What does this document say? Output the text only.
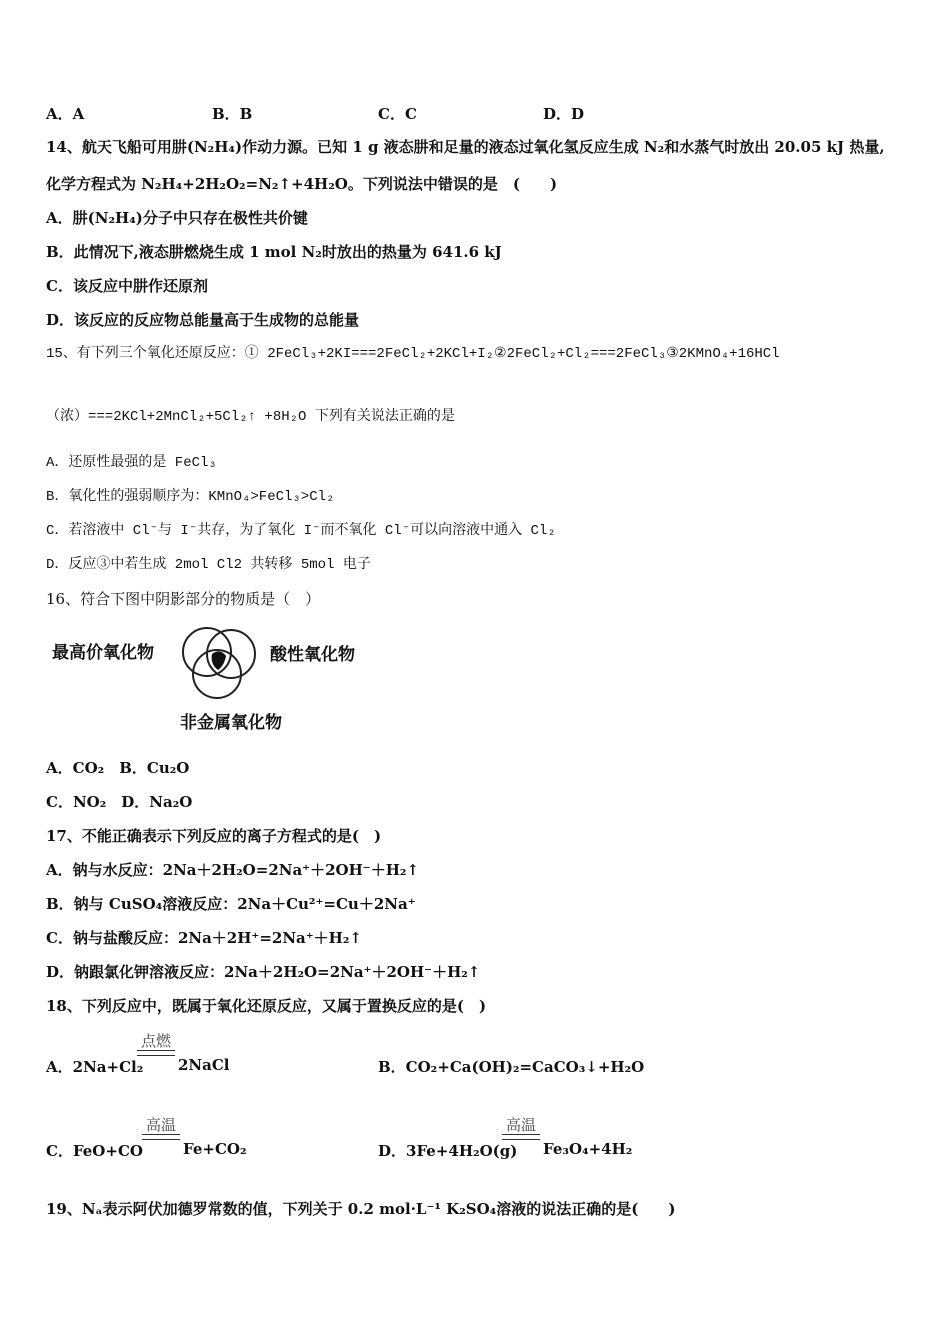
A．A	B．B	C．C	D．D
14、航天飞船可用肼(N₂H₄)作动力源。已知 1 g 液态肼和足量的液态过氧化氢反应生成 N₂和水蒸气时放出 20.05 kJ 热量,
化学方程式为 N₂H₄+2H₂O₂=N₂↑+4H₂O。下列说法中错误的是　(　　)
A．肼(N₂H₄)分子中只存在极性共价键
B．此情况下,液态肼燃烧生成 1 mol N₂时放出的热量为 641.6 kJ
C．该反应中肼作还原剂
D．该反应的反应物总能量高于生成物的总能量
15、有下列三个氧化还原反应：① 2FeCl₃+2KI===2FeCl₂+2KCl+I₂②2FeCl₂+Cl₂===2FeCl₃③2KMnO₄+16HCl
（浓）===2KCl+2MnCl₂+5Cl₂↑ +8H₂O 下列有关说法正确的是
A．还原性最强的是 FeCl₃
B．氧化性的强弱顺序为：KMnO₄>FeCl₃>Cl₂
C．若溶液中 Cl⁻与 I⁻共存，为了氧化 I⁻而不氧化 Cl⁻可以向溶液中通入 Cl₂
D．反应③中若生成 2mol Cl2 共转移 5mol 电子
16、符合下图中阴影部分的物质是（　）
最高价氧化物	酸性氧化物
非金属氧化物
A．CO₂　B．Cu₂O
C．NO₂　D．Na₂O
17、不能正确表示下列反应的离子方程式的是(　)
A．钠与水反应：2Na＋2H₂O=2Na⁺＋2OH⁻＋H₂↑
B．钠与 CuSO₄溶液反应：2Na＋Cu²⁺=Cu＋2Na⁺
C．钠与盐酸反应：2Na＋2H⁺=2Na⁺＋H₂↑
D．钠跟氯化钾溶液反应：2Na＋2H₂O=2Na⁺＋2OH⁻＋H₂↑
18、下列反应中，既属于氧化还原反应，又属于置换反应的是(　)
A．2Na+Cl₂
点燃
2NaCl	B．CO₂+Ca(OH)₂=CaCO₃↓+H₂O
C．FeO+CO
高温
Fe+CO₂	D．3Fe+4H₂O(g)
高温
Fe₃O₄+4H₂
19、Nₐ表示阿伏加德罗常数的值，下列关于 0.2 mol·L⁻¹ K₂SO₄溶液的说法正确的是(　　)
